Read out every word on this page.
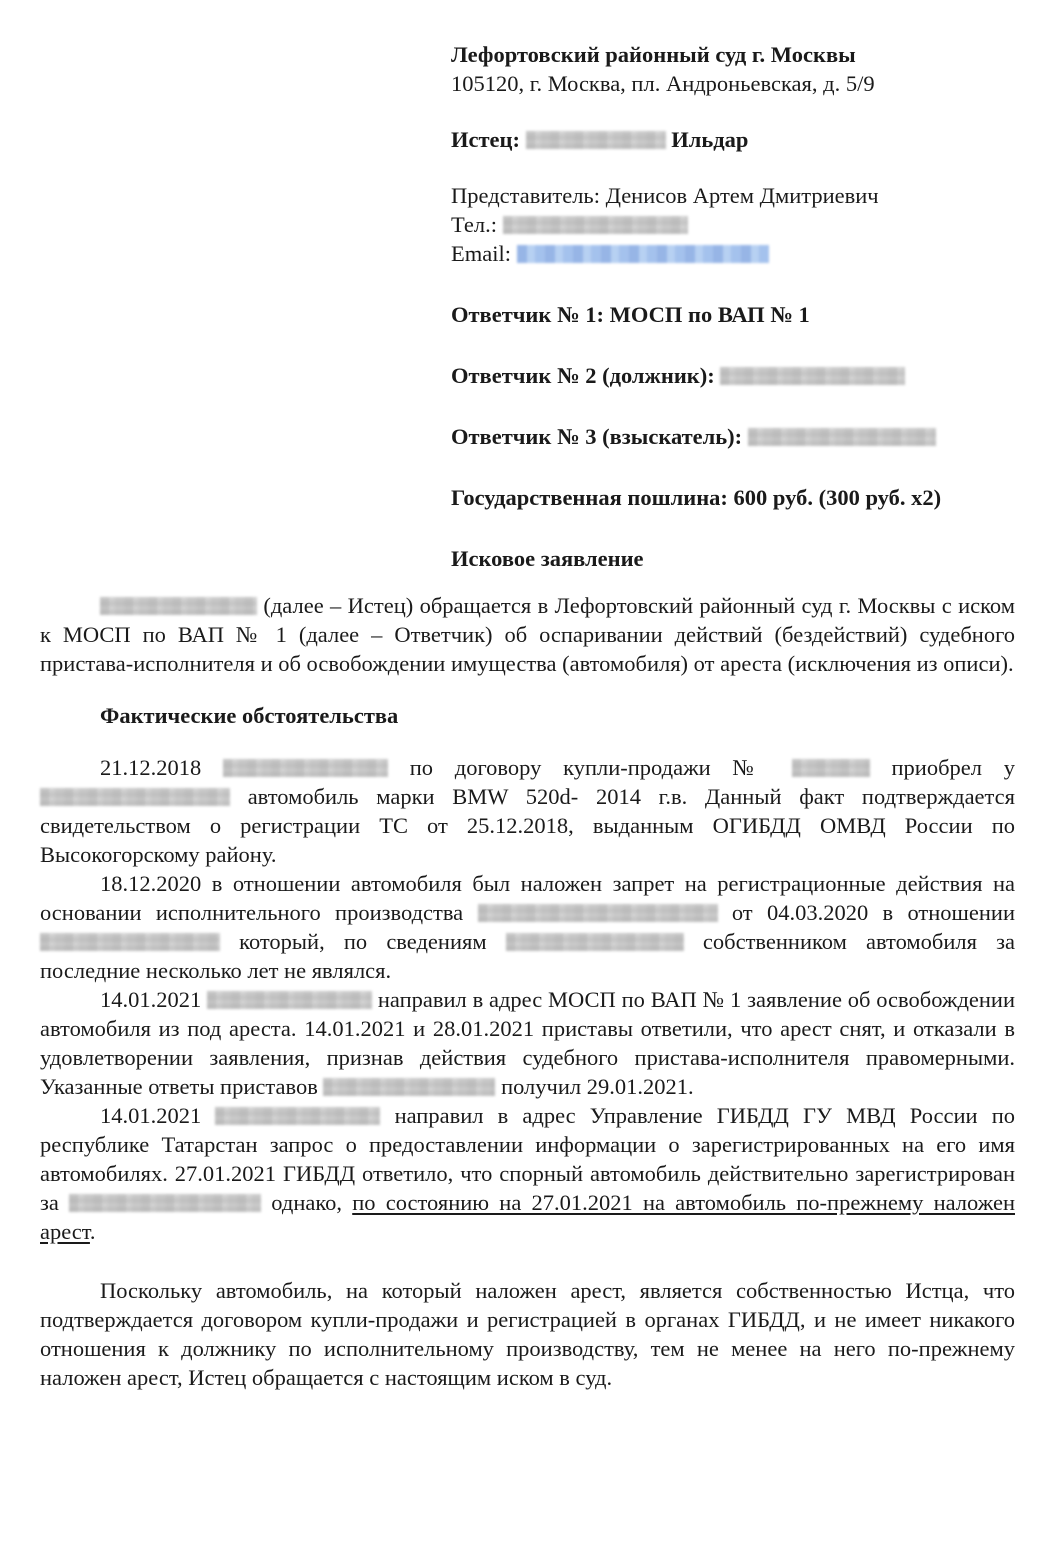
Лефортовский районный суд г. Москвы
105120, г. Москва, пл. Андроньевская, д. 5/9
Истец:	Ильдар
Представитель: Денисов Артем Дмитриевич
Тел.:
Email:
Ответчик № 1: МОСП по ВАП № 1
Ответчик № 2 (должник):
Ответчик № 3 (взыскатель):
Государственная пошлина: 600 руб. (300 руб. х2)
Исковое заявление

(далее – Истец) обращается в Лефортовский районный суд г. Москвы с иском к МОСП по ВАП № 1 (далее – Ответчик) об оспаривании действий (бездействий) судебного пристава-исполнителя и об освобождении имущества (автомобиля) от ареста (исключения из описи).

Фактические обстоятельства

21.12.2018	по договору купли-продажи №	приобрел у  автомобиль марки BMW 520d- 2014 г.в. Данный факт подтверждается свидетельством о регистрации ТС от 25.12.2018, выданным ОГИБДД ОМВД России по Высокогорскому району.

18.12.2020 в отношении автомобиля был наложен запрет на регистрационные действия на основании исполнительного производства	от 04.03.2020 в отношении  который, по сведениям	собственником автомобиля за последние несколько лет не являлся.

14.01.2021	направил в адрес МОСП по ВАП № 1 заявление об освобождении автомобиля из под ареста. 14.01.2021 и 28.01.2021 приставы ответили, что арест снят, и отказали в удовлетворении заявления, признав действия судебного пристава-исполнителя правомерными. Указанные ответы приставов	получил 29.01.2021.

14.01.2021	направил в адрес Управление ГИБДД ГУ МВД России по республике Татарстан запрос о предоставлении информации о зарегистрированных на его имя автомобилях. 27.01.2021 ГИБДД ответило, что спорный автомобиль действительно зарегистрирован за	однако, по состоянию на 27.01.2021 на автомобиль по-прежнему наложен арест.

Поскольку автомобиль, на который наложен арест, является собственностью Истца, что подтверждается договором купли-продажи и регистрацией в органах ГИБДД, и не имеет никакого отношения к должнику по исполнительному производству, тем не менее на него по-прежнему наложен арест, Истец обращается с настоящим иском в суд.
